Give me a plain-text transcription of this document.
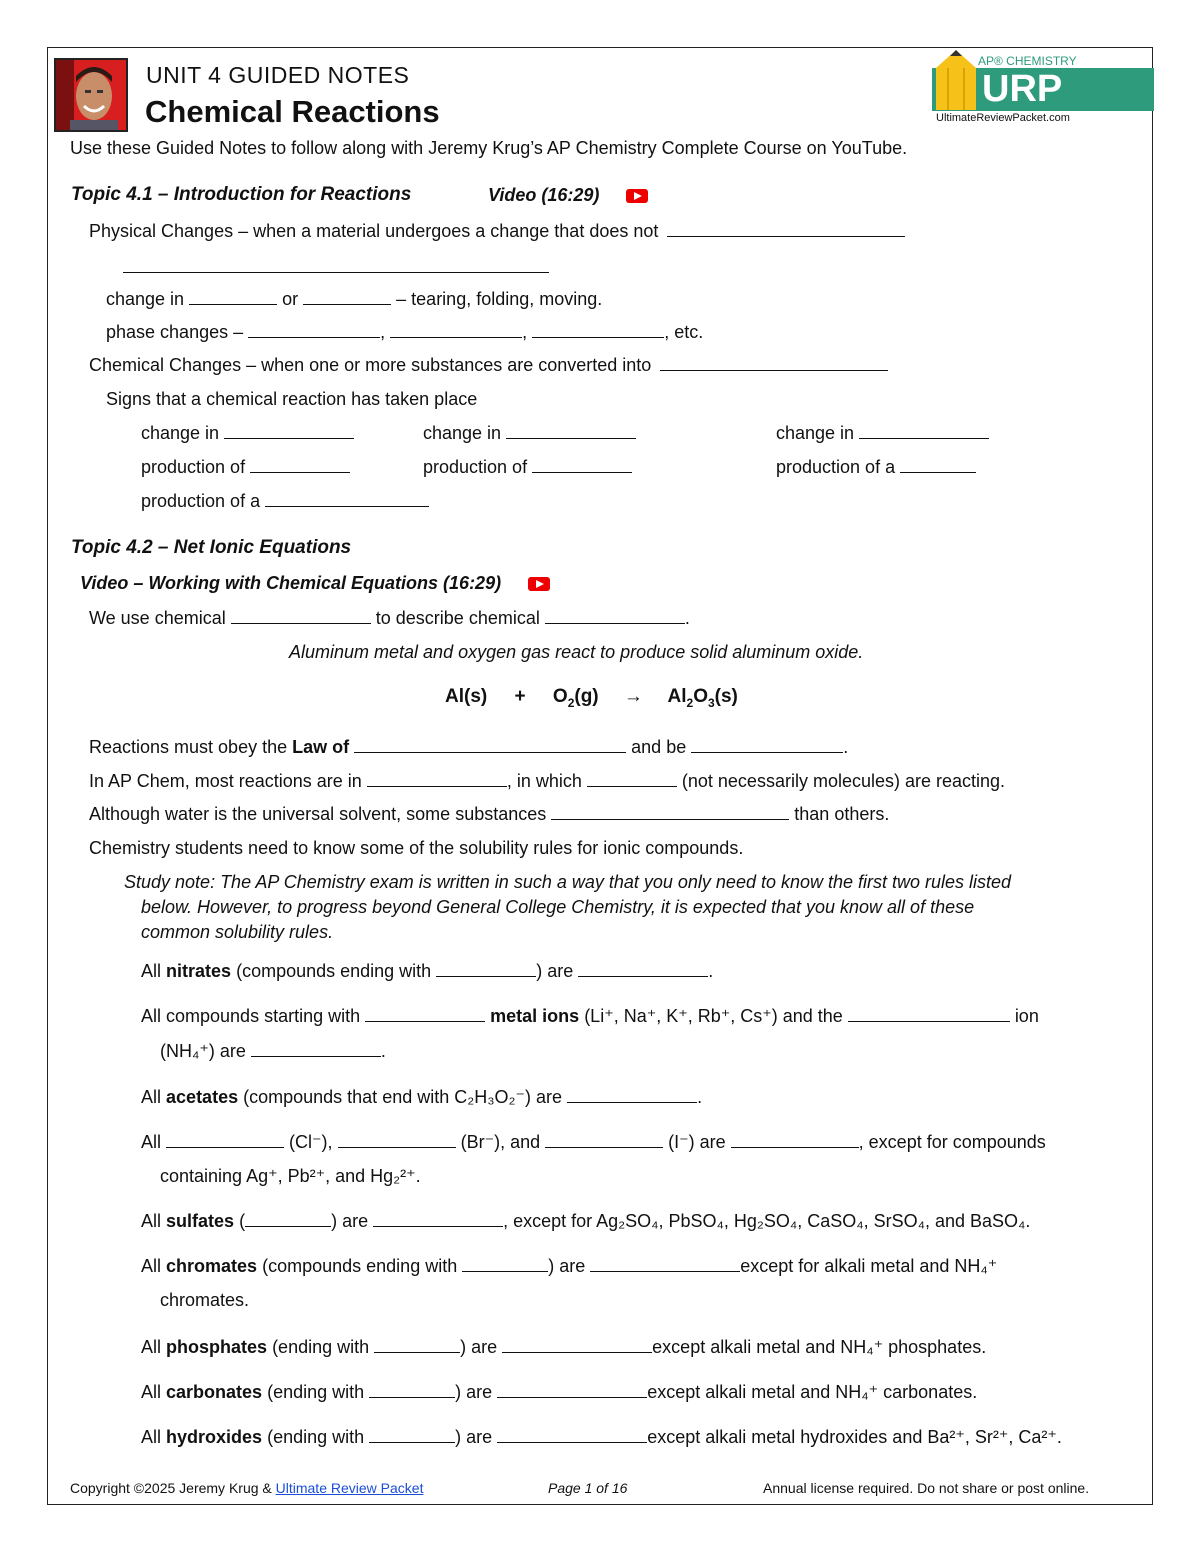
UNIT 4 GUIDED NOTES
Chemical Reactions
AP® CHEMISTRY
URP
UltimateReviewPacket.com
Use these Guided Notes to follow along with Jeremy Krug’s AP Chemistry Complete Course on YouTube.
Topic 4.1 – Introduction for Reactions	Video (16:29)
Physical Changes – when a material undergoes a change that does not
change in	or	– tearing, folding, moving.
phase changes –	,	,	, etc.
Chemical Changes – when one or more substances are converted into
Signs that a chemical reaction has taken place
change in	change in	change in
production of	production of	production of a
production of a
Topic 4.2 – Net Ionic Equations
Video – Working with Chemical Equations (16:29)
We use chemical	to describe chemical	.
Aluminum metal and oxygen gas react to produce solid aluminum oxide.
$Al(s) + O_2(g) \to Al_2O_3(s)$
Reactions must obey the Law of	and be	.
In AP Chem, most reactions are in	, in which	(not necessarily molecules) are reacting.
Although water is the universal solvent, some substances	than others.
Chemistry students need to know some of the solubility rules for ionic compounds.
Study note: The AP Chemistry exam is written in such a way that you only need to know the first two rules listed
below. However, to progress beyond General College Chemistry, it is expected that you know all of these
common solubility rules.
All nitrates (compounds ending with	) are	.
All compounds starting with	metal ions (Li⁺, Na⁺, K⁺, Rb⁺, Cs⁺) and the	ion
(NH₄⁺) are	.
All acetates (compounds that end with C₂H₃O₂⁻) are	.
All	(Cl⁻),	(Br⁻), and	(I⁻) are	, except for compounds
containing Ag⁺, Pb²⁺, and Hg₂²⁺.
All sulfates (	) are	, except for Ag₂SO₄, PbSO₄, Hg₂SO₄, CaSO₄, SrSO₄, and BaSO₄.
All chromates (compounds ending with	) are	except for alkali metal and NH₄⁺
chromates.
All phosphates (ending with	) are	except alkali metal and NH₄⁺ phosphates.
All carbonates (ending with	) are	except alkali metal and NH₄⁺ carbonates.
All hydroxides (ending with	) are	except alkali metal hydroxides and Ba²⁺, Sr²⁺, Ca²⁺.
Copyright ©2025 Jeremy Krug & Ultimate Review Packet	Page 1 of 16	Annual license required. Do not share or post online.
